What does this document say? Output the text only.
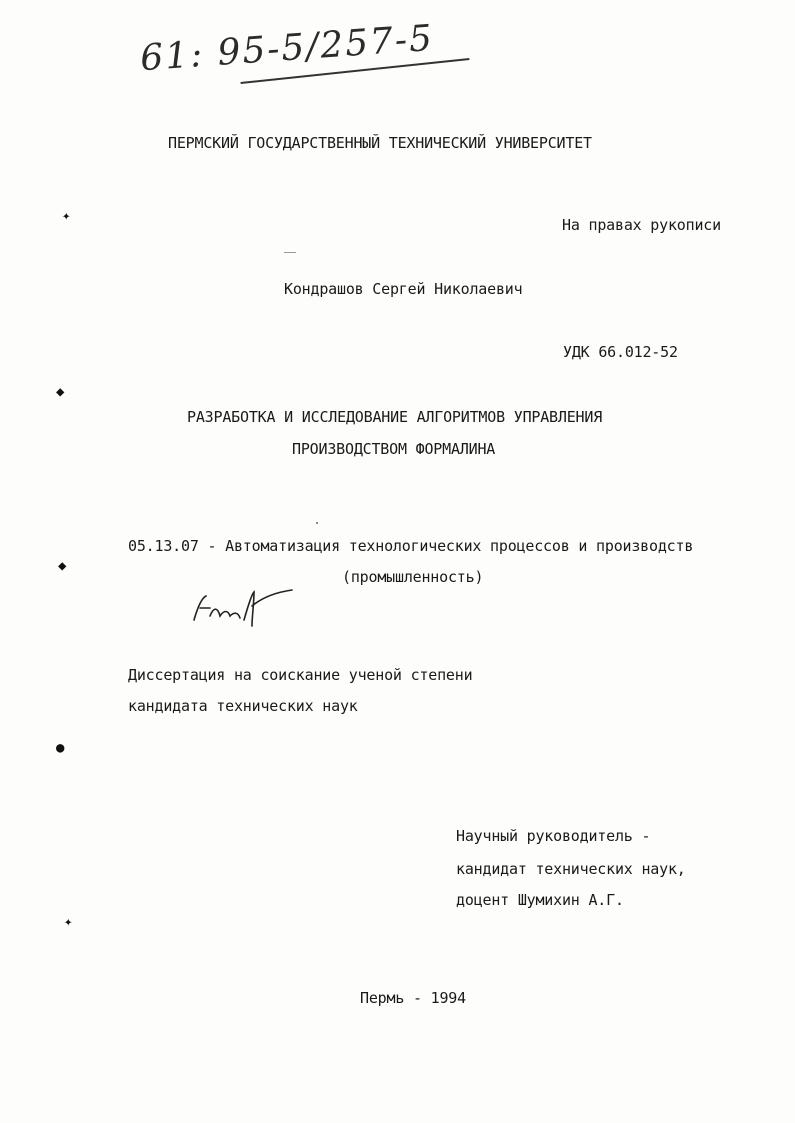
61: 95-5/257-5
ПЕРМСКИЙ ГОСУДАРСТВЕННЫЙ ТЕХНИЧЕСКИЙ УНИВЕРСИТЕТ
✦	На правах рукописи
Кондрашов Сергей Николаевич
УДК 66.012-52
◆
РАЗРАБОТКА И ИССЛЕДОВАНИЕ АЛГОРИТМОВ УПРАВЛЕНИЯ
ПРОИЗВОДСТВОМ ФОРМАЛИНА
05.13.07 - Автоматизация технологических процессов и производств
(промышленность)
◆
Диссертация на соискание ученой степени
кандидата технических наук
●
Научный руководитель -
кандидат технических наук,
доцент Шумихин А.Г.
✦
Пермь - 1994
